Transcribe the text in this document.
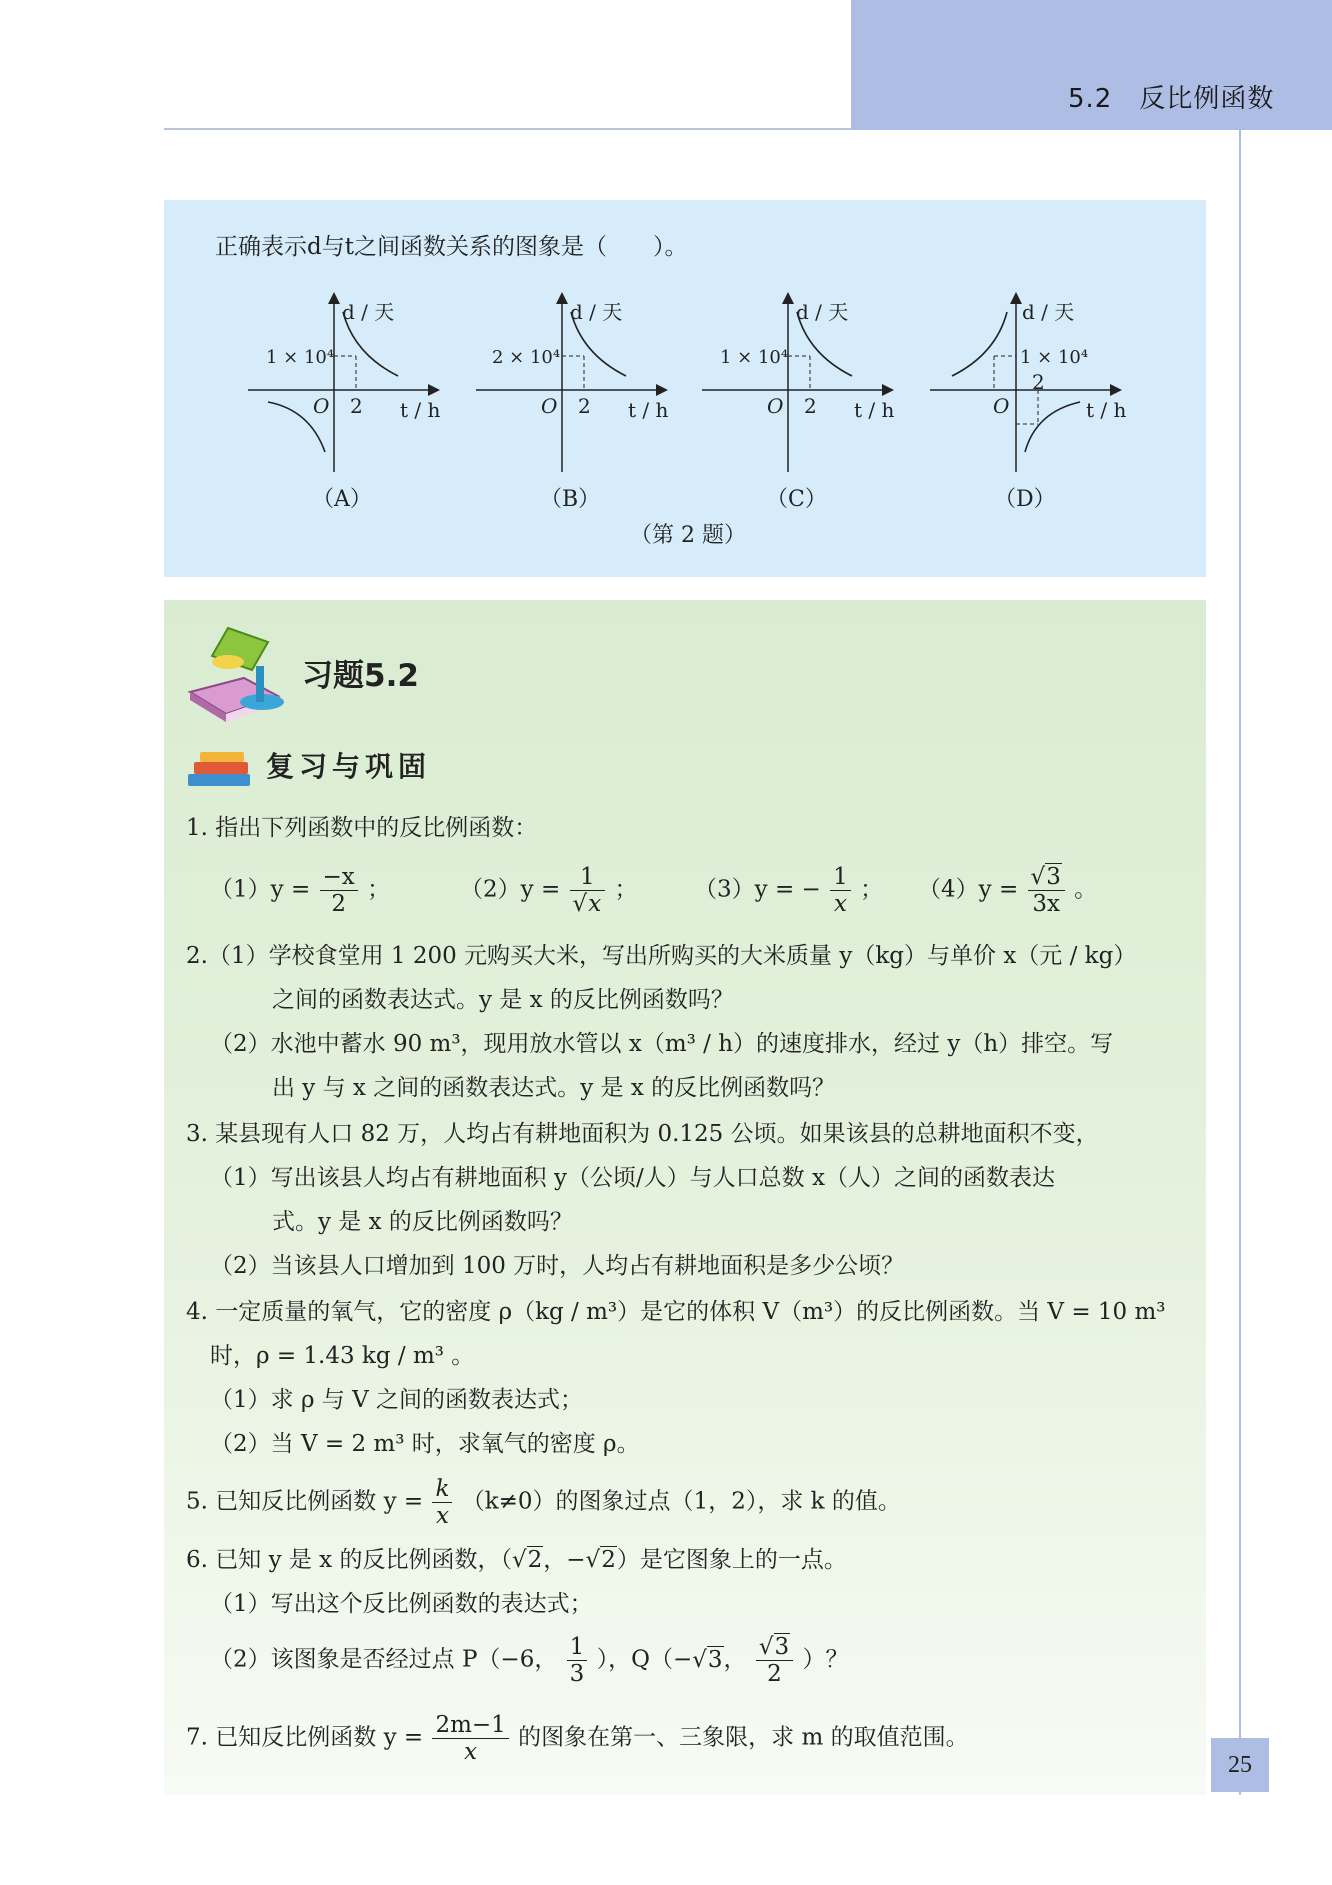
5.2　反比例函数
正确表示d与t之间函数关系的图象是（　　）。
d / 天
1 × 10⁴
O 2 t / h
（A）
d / 天
2 × 10⁴
O 2 t / h
（B）
d / 天
1 × 10⁴
O 2 t / h
（C）
d / 天
1 × 10⁴
O
2
t / h
（D）
（第 2 题）
习题5.2
复习与巩固
1. 指出下列函数中的反比例函数：
$(1)y = \frac{-x}{2}$ ；	$(2)y = \frac{1}{√x}$ ； （3）y = − $\frac{1}{x}$ ； $(4)y = \frac{√3}{3x}$ 。
2.（1）学校食堂用 1 200 元购买大米，写出所购买的大米质量 y（kg）与单价 x（元 / kg）
之间的函数表达式。y 是 x 的反比例函数吗？
（2）水池中蓄水 90 m³，现用放水管以 x（m³ / h）的速度排水，经过 y（h）排空。写
出 y 与 x 之间的函数表达式。y 是 x 的反比例函数吗？
3. 某县现有人口 82 万，人均占有耕地面积为 0.125 公顷。如果该县的总耕地面积不变，
（1）写出该县人均占有耕地面积 y（公顷/人）与人口总数 x（人）之间的函数表达
式。y 是 x 的反比例函数吗？
（2）当该县人口增加到 100 万时，人均占有耕地面积是多少公顷？
4. 一定质量的氧气，它的密度 ρ（kg / m³）是它的体积 V（m³）的反比例函数。当 V = 10 m³
时，ρ = 1.43 kg / m³ 。
（1）求 ρ 与 V 之间的函数表达式；
（2）当 V = 2 m³ 时，求氧气的密度 ρ。
5. 已知反比例函数 $y = \frac{k}{x} (k\ne 0)$的图象过点（1，2），求 k 的值。
6. 已知 y 是 x 的反比例函数，（√2，−√2）是它图象上的一点。
（1）写出这个反比例函数的表达式；
（2）该图象是否经过点 P（−6， $\frac{1}{3}$ ），Q（−√3， $\frac{√3}{2}$ ）？
7. 已知反比例函数 $y = \frac{2m-1}{x}$ 的图象在第一、三象限，求 m 的取值范围。
25
